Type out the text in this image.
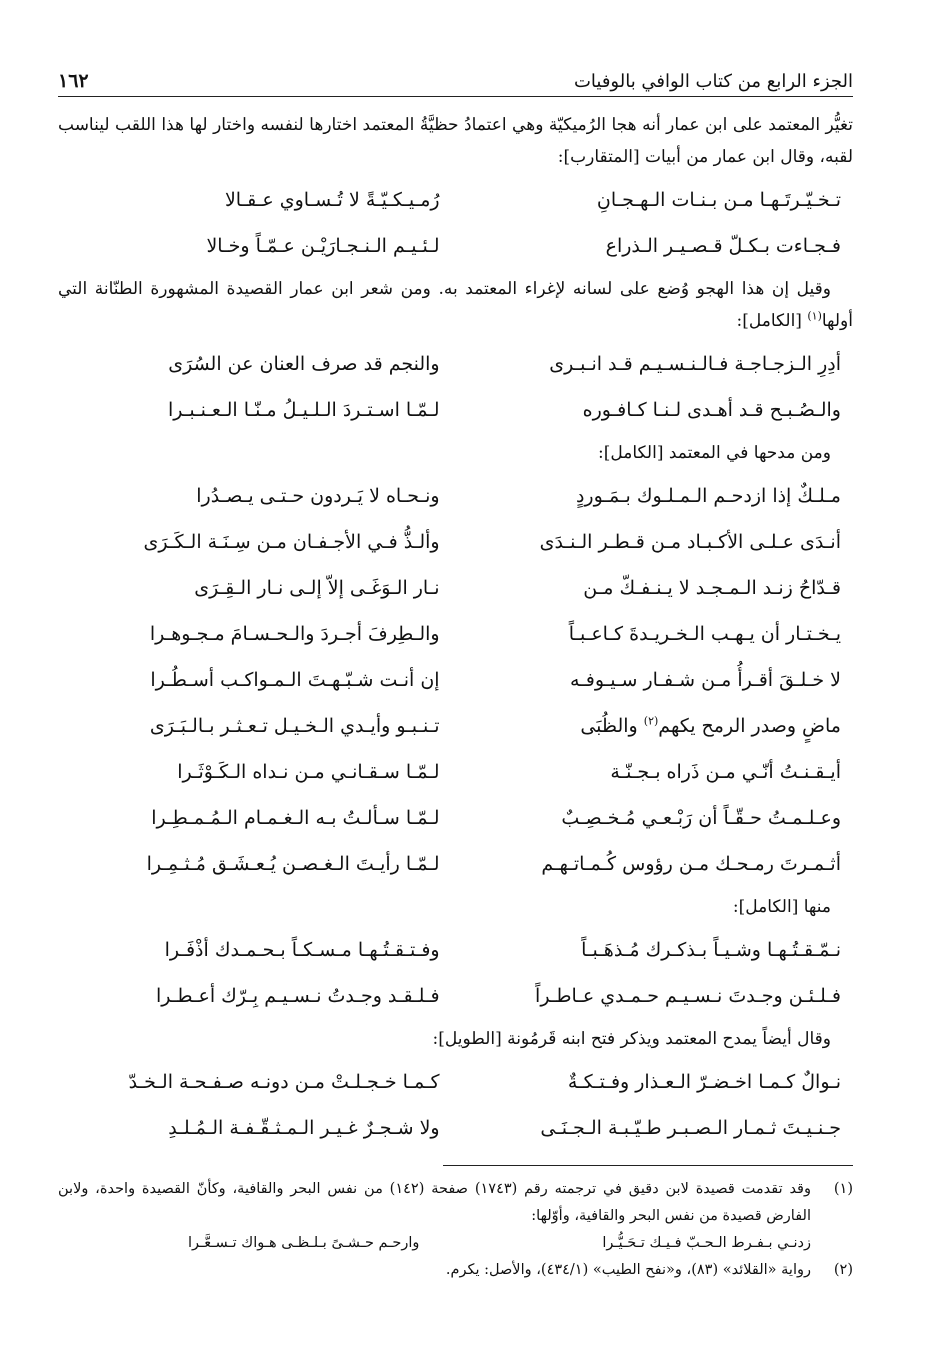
الجزء الرابع من كتاب الوافي بالوفيات
١٦٢

تغيُّر المعتمد على ابن عمار أنه هجا الرُميكيّة وهي اعتمادُ حظيَّةُ المعتمد اختارها لنفسه واختار لها هذا اللقب ليناسب لقبه، وقال ابن عمار من أبيات [المتقارب]:

تـخـيّـرتَـهـا مـن بـنـات الـهـجـانِ
رُمـيـكـيّـةً لا تُـسـاوي عـقـالا
فـجـاءت بـكـلّ قـصـيـر الـذراع
لـئـيـم الـنـجـارَيْـن عـمّـاً وخـالا

وقيل إن هذا الهجو وُضع على لسانه لإغراء المعتمد به. ومن شعر ابن عمار القصيدة المشهورة الطنّانة التي أولها$^{(١)}$ [الكامل]:

أدِرِ الـزجـاجـة فـالـنـسـيـم قـد انـبـرى
والنجم قد صرف العنان عن السُرَى
والـصُـبـح قـد أهـدى لـنـا كـافـوره
لـمّـا اسـتـردَ الـلـيـلُ مـنّـا الـعـنـبـرا

ومن مدحها في المعتمد [الكامل]:

مـلـكٌ إذا ازدحـم الـمـلـوك بـمَـوردٍ
ونـحـاه لا يَـردون حـتـى يـصـدُرا
أنـدَى عـلـى الأكـبـاد مـن قـطـر الـنـدَى
وألـذُّ فـي الأجـفـان مـن سِـنَـة الـكَـرَى
قـدّاحُ زنـد الـمـجـد لا يـنـفـكّ مـن
نـار الـوَغَـى إلاّ إلـى نـار الـقِـرَى
يـخـتـار أن يـهـب الـخـريـدةَ كـاعـبـاً
والـطِرفَ أجـردَ والـحـسـامَ مـجـوهـرا
لا خـلـقَ أقـرأُ مـن شـفـار سـيـوفـه
إن أنـت شـبّـهـتَ الـمـواكـب أسـطُـرا
ماضٍ وصدر الرمح يكهم$^{(٢)}$ والظُبَى
تـنـبـو وأيـدي الـخـيـل تـعـثـر بـالـبَـرَى
أيـقـنـتُ أنّـي مـن ذَراه بـجـنّـة
لـمّـا سـقـانـي مـن نـداه الـكَـوْثَـرا
وعـلـمـتُ حـقّـاً أن رَبْـعـي مُـخـصِـبٌ
لـمّـا سـألـتُ بـه الـغـمـام الـمُـمـطِـرا
أثـمـرتَ رمـحـك مـن رؤوس كُـمـاتـهـم
لـمّـا رأيـتَ الـغـصـن يُـعـشَـق مُـثـمِـرا

منها [الكامل]:

نـمّـقـتُـهـا وشـيـاً بـذكـرك مُـذهَـبـاً
وفـتـقـتُـهـا مـسـكـاً بـحـمـدك أذْفَـرا
فـلـئـن وجـدتَ نـسـيـم حـمـدي عـاطـراً
فـلـقـد وجـدتُ نـسـيـم بِـرّك أعـطـرا

وقال أيضاً يمدح المعتمد ويذكر فتح ابنه قَرمُونة [الطويل]:

نـوالٌ كـمـا اخـضـرّ الـعـذار وفـتـكـةٌ
كـمـا خـجـلـتْ مـن دونـه صـفـحـة الـخـدّ
جـنـيـتَ ثـمـار الـصـبـر طـيّـبـة الـجـنَـى
ولا شـجـرٌ غـيـر الـمـثـقّـفـة الـمُـلـدِ
(١)
وقد تقدمت قصيدة لابن دقيق في ترجمته رقم (١٧٤٣) صفحة (١٤٢) من نفس البحر والقافية، وكأنّ القصيدة واحدة، ولابن الفارض قصيدة من نفس البحر والقافية، وأوّلها:
زدنـي بـفـرط الـحـبّ فـيـك تـحَـيُّـرا
وارحـم حـشـىً بـلـظـى هـواك تـسـعَّـرا
(٢)
رواية «القلائد» (٨٣)، و«نفح الطيب» (٤٣٤/١)، والأصل: يكرم.
